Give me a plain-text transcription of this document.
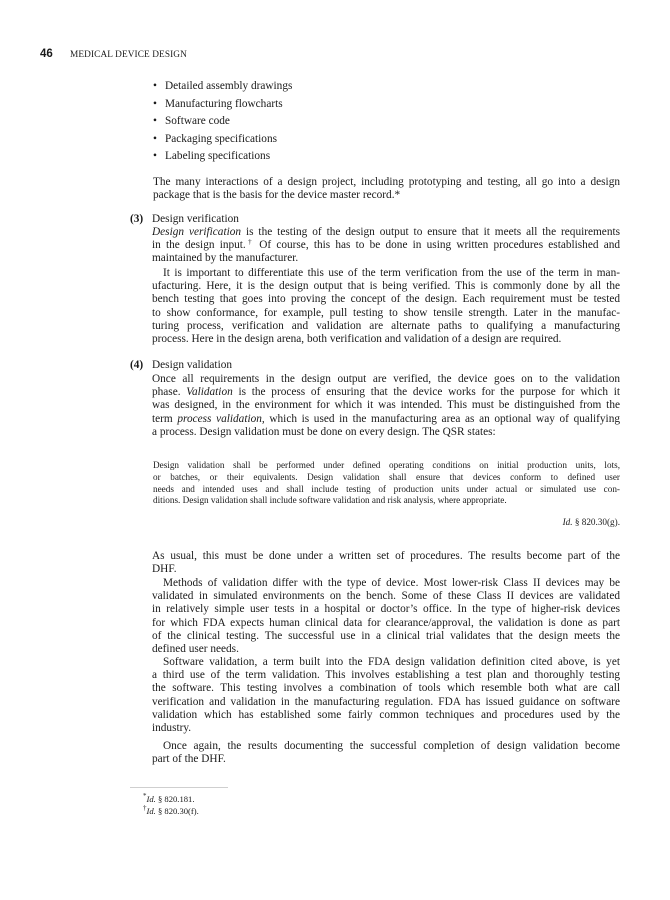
46	MEDICAL DEVICE DESIGN
• Detailed assembly drawings
• Manufacturing flowcharts
• Software code
• Packaging specifications
• Labeling specifications
The many interactions of a design project, including prototyping and testing, all go into a design
package that is the basis for the device master record.*
(3) Design verification
Design verification is the testing of the design output to ensure that it meets all the requirements
in the design input.† Of course, this has to be done in using written procedures established and
maintained by the manufacturer.
It is important to differentiate this use of the term verification from the use of the term in man-
ufacturing. Here, it is the design output that is being verified. This is commonly done by all the
bench testing that goes into proving the concept of the design. Each requirement must be tested
to show conformance, for example, pull testing to show tensile strength. Later in the manufac-
turing process, verification and validation are alternate paths to qualifying a manufacturing
process. Here in the design arena, both verification and validation of a design are required.
(4) Design validation
Once all requirements in the design output are verified, the device goes on to the validation
phase. Validation is the process of ensuring that the device works for the purpose for which it
was designed, in the environment for which it was intended. This must be distinguished from the
term process validation, which is used in the manufacturing area as an optional way of qualifying
a process. Design validation must be done on every design. The QSR states:
Design validation shall be performed under defined operating conditions on initial production units, lots,
or batches, or their equivalents. Design validation shall ensure that devices conform to defined user
needs and intended uses and shall include testing of production units under actual or simulated use con-
ditions. Design validation shall include software validation and risk analysis, where appropriate.
Id. § 820.30(g).
As usual, this must be done under a written set of procedures. The results become part of the
DHF.
Methods of validation differ with the type of device. Most lower-risk Class II devices may be
validated in simulated environments on the bench. Some of these Class II devices are validated
in relatively simple user tests in a hospital or doctor’s office. In the type of higher-risk devices
for which FDA expects human clinical data for clearance/approval, the validation is done as part
of the clinical testing. The successful use in a clinical trial validates that the design meets the
defined user needs.
Software validation, a term built into the FDA design validation definition cited above, is yet
a third use of the term validation. This involves establishing a test plan and thoroughly testing
the software. This testing involves a combination of tools which resemble both what are call
verification and validation in the manufacturing regulation. FDA has issued guidance on software
validation which has established some fairly common techniques and procedures used by the
industry.
Once again, the results documenting the successful completion of design validation become
part of the DHF.
*Id. § 820.181.
†Id. § 820.30(f).
